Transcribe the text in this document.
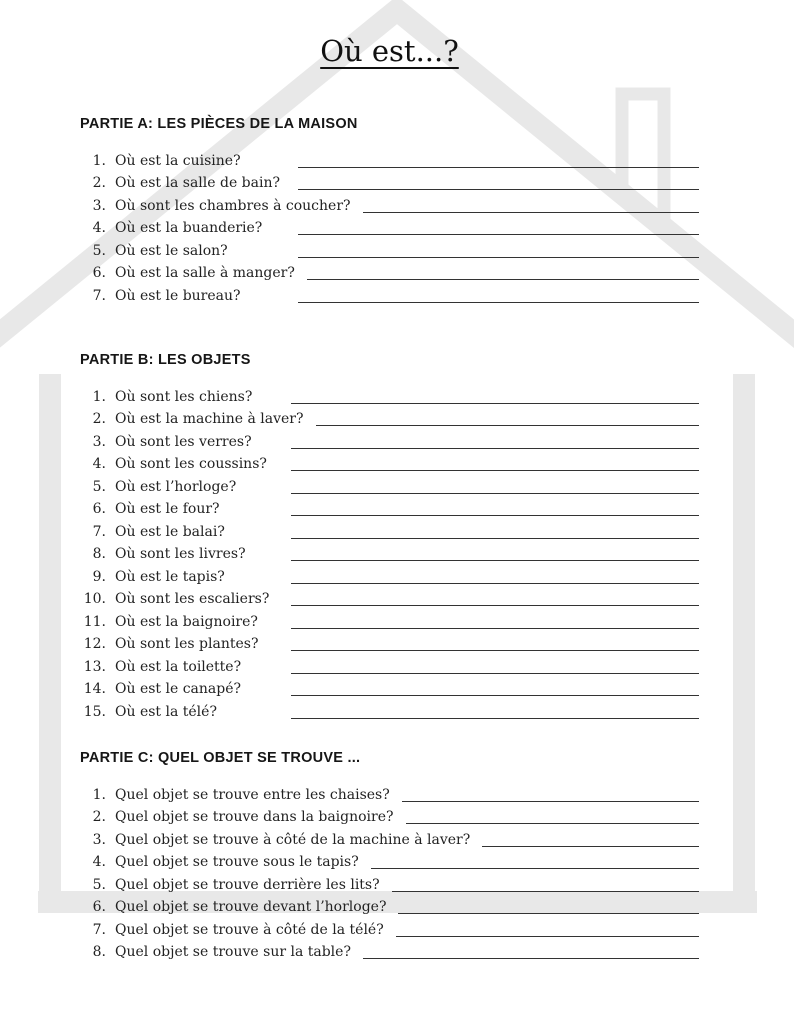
Où est...?
PARTIE A: LES PIÈCES DE LA MAISON
1. Où est la cuisine?
2. Où est la salle de bain?
3. Où sont les chambres à coucher?
4. Où est la buanderie?
5. Où est le salon?
6. Où est la salle à manger?
7. Où est le bureau?
PARTIE B: LES OBJETS
1. Où sont les chiens?
2. Où est la machine à laver?
3. Où sont les verres?
4. Où sont les coussins?
5. Où est l’horloge?
6. Où est le four?
7. Où est le balai?
8. Où sont les livres?
9. Où est le tapis?
10. Où sont les escaliers?
11. Où est la baignoire?
12. Où sont les plantes?
13. Où est la toilette?
14. Où est le canapé?
15. Où est la télé?
PARTIE C: QUEL OBJET SE TROUVE ...
1. Quel objet se trouve entre les chaises?
2. Quel objet se trouve dans la baignoire?
3. Quel objet se trouve à côté de la machine à laver?
4. Quel objet se trouve sous le tapis?
5. Quel objet se trouve derrière les lits?
6. Quel objet se trouve devant l’horloge?
7. Quel objet se trouve à côté de la télé?
8. Quel objet se trouve sur la table?
